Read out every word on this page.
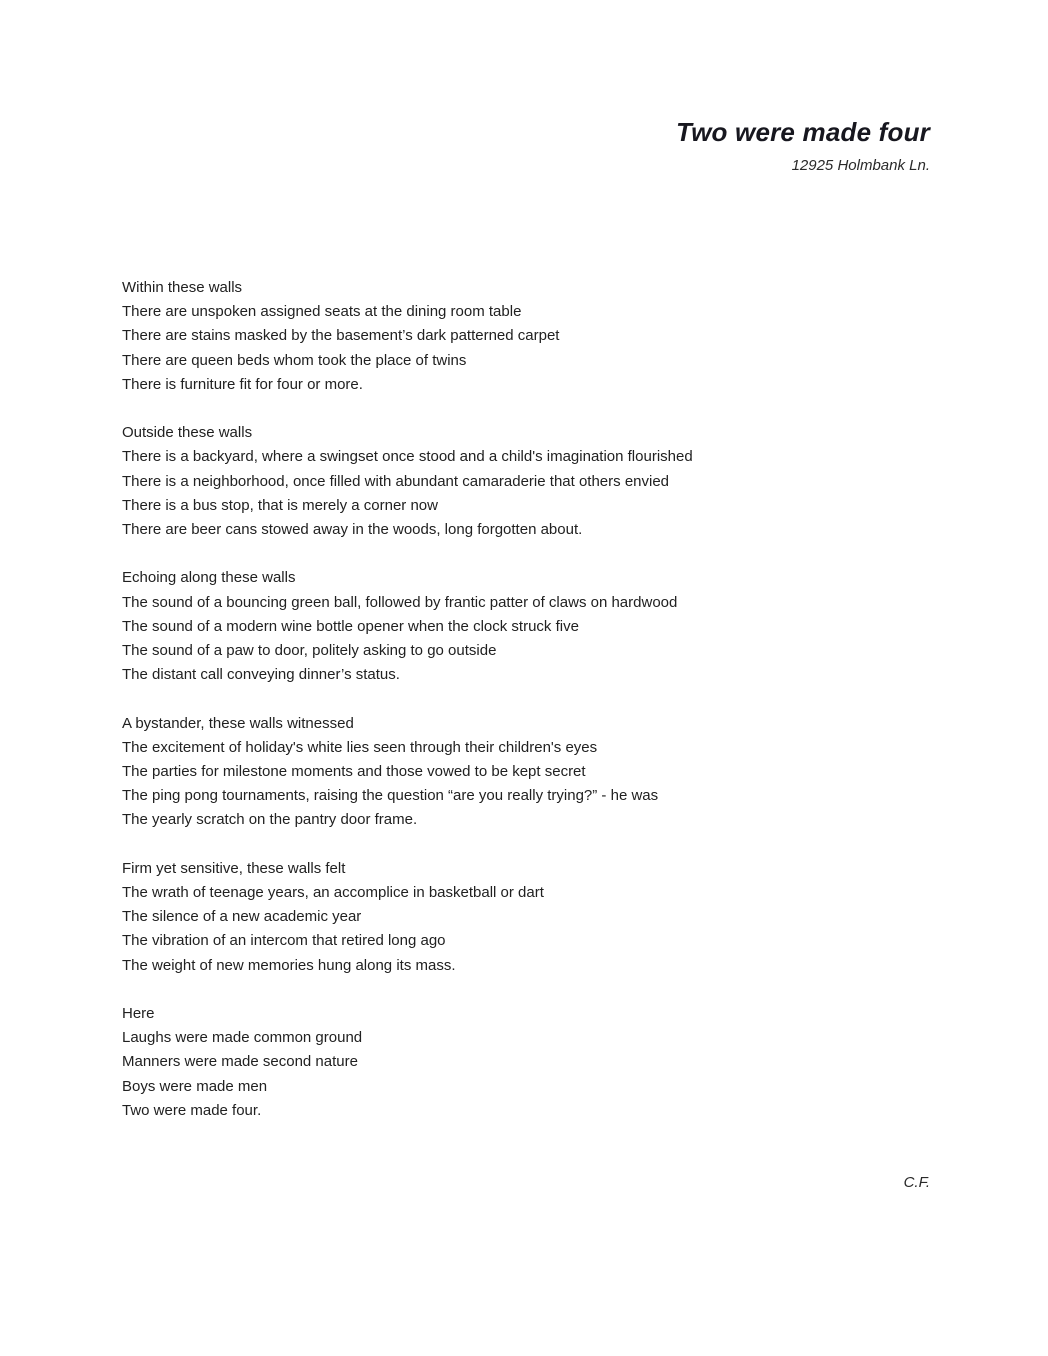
Two were made four
12925 Holmbank Ln.

Within these walls

There are unspoken assigned seats at the dining room table

There are stains masked by the basement’s dark patterned carpet

There are queen beds whom took the place of twins

There is furniture fit for four or more.

Outside these walls

There is a backyard, where a swingset once stood and a child's imagination flourished

There is a neighborhood, once filled with abundant camaraderie that others envied

There is a bus stop, that is merely a corner now

There are beer cans stowed away in the woods, long forgotten about.

Echoing along these walls

The sound of a bouncing green ball, followed by frantic patter of claws on hardwood

The sound of a modern wine bottle opener when the clock struck five

The sound of a paw to door, politely asking to go outside

The distant call conveying dinner’s status.

A bystander, these walls witnessed

The excitement of holiday's white lies seen through their children's eyes

The parties for milestone moments and those vowed to be kept secret

The ping pong tournaments, raising the question “are you really trying?” - he was

The yearly scratch on the pantry door frame.

Firm yet sensitive, these walls felt

The wrath of teenage years, an accomplice in basketball or dart

The silence of a new academic year

The vibration of an intercom that retired long ago

The weight of new memories hung along its mass.

Here

Laughs were made common ground

Manners were made second nature

Boys were made men

Two were made four.

C.F.
